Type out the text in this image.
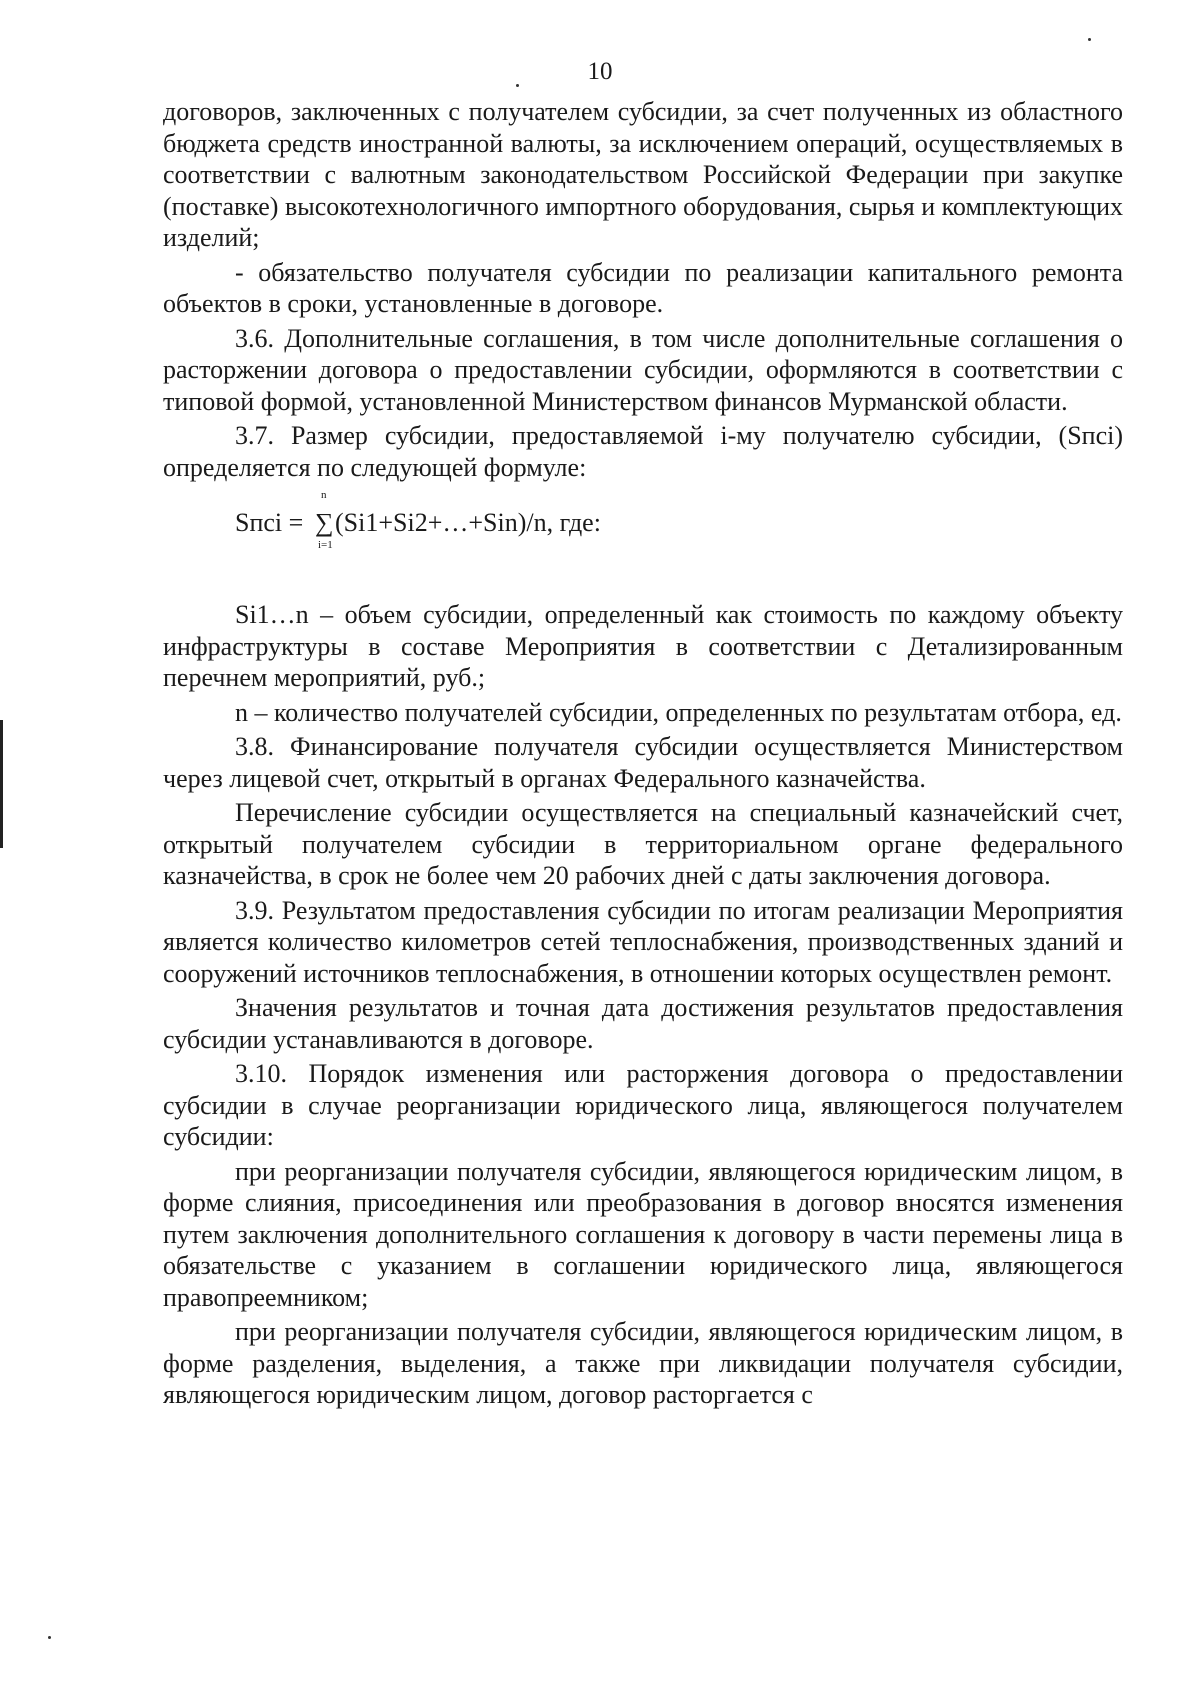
10

договоров, заключенных с получателем субсидии, за счет полученных из областного бюджета средств иностранной валюты, за исключением операций, осуществляемых в соответствии с валютным законодательством Российской Федерации при закупке (поставке) высокотехнологичного импортного оборудования, сырья и комплектующих изделий;

- обязательство получателя субсидии по реализации капитального ремонта объектов в сроки, установленные в договоре.

3.6. Дополнительные соглашения, в том числе дополнительные соглашения о расторжении договора о предоставлении субсидии, оформляются в соответствии с типовой формой, установленной Министерством финансов Мурманской области.

3.7. Размер субсидии, предоставляемой i-му получателю субсидии, (Sпсi) определяется по следующей формуле:

Sпсi =
n
∑
i=1
(Si1+Si2+…+Sin)/n, где:

Si1…n – объем субсидии, определенный как стоимость по каждому объекту инфраструктуры в составе Мероприятия в соответствии с Детализированным перечнем мероприятий, руб.;

n – количество получателей субсидии, определенных по результатам отбора, ед.

3.8. Финансирование получателя субсидии осуществляется Министерством через лицевой счет, открытый в органах Федерального казначейства.

Перечисление субсидии осуществляется на специальный казначейский счет, открытый получателем субсидии в территориальном органе федерального казначейства, в срок не более чем 20 рабочих дней с даты заключения договора.

3.9. Результатом предоставления субсидии по итогам реализации Мероприятия является количество километров сетей теплоснабжения, производственных зданий и сооружений источников теплоснабжения, в отношении которых осуществлен ремонт.

Значения результатов и точная дата достижения результатов предоставления субсидии устанавливаются в договоре.

3.10. Порядок изменения или расторжения договора о предоставлении субсидии в случае реорганизации юридического лица, являющегося получателем субсидии:

при реорганизации получателя субсидии, являющегося юридическим лицом, в форме слияния, присоединения или преобразования в договор вносятся изменения путем заключения дополнительного соглашения к договору в части перемены лица в обязательстве с указанием в соглашении юридического лица, являющегося правопреемником;

при реорганизации получателя субсидии, являющегося юридическим лицом, в форме разделения, выделения, а также при ликвидации получателя субсидии, являющегося юридическим лицом, договор расторгается с
